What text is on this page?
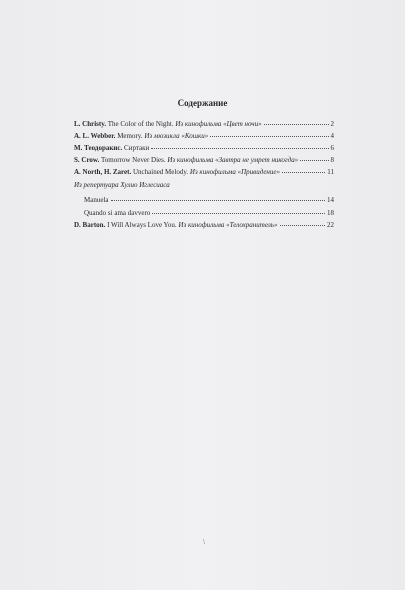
Содержание
L. Christy. The Color of the Night. Из кинофильма «Цвет ночи»	2
A. L. Webber. Memory. Из мюзикла «Кошки»	4
M. Теодоракис. Сиртаки	6
S. Crow. Tomorrow Never Dies. Из кинофильма «Завтра не умрет никогда»	8
A. North, H. Zaret. Unchained Melody. Из кинофильма «Привидение»	11
Из репертуара Хулио Иглесиаса
Manuela	14
Quando si ama davvero	18
D. Barton. I Will Always Love You. Из кинофильма «Телохранитель»	22
\
